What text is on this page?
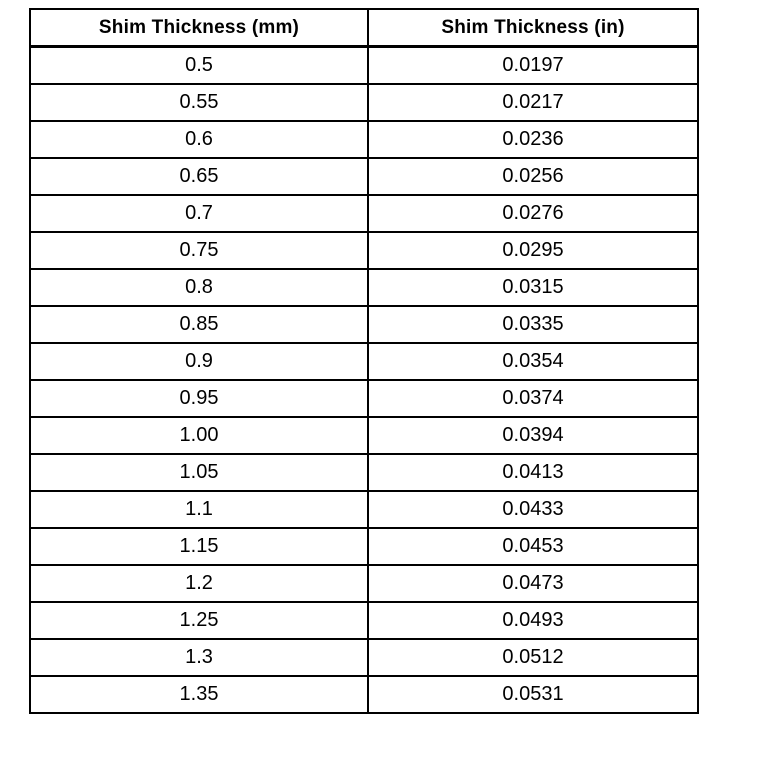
Shim Thickness (mm)	Shim Thickness (in)
0.5	0.0197
0.55	0.0217
0.6	0.0236
0.65	0.0256
0.7	0.0276
0.75	0.0295
0.8	0.0315
0.85	0.0335
0.9	0.0354
0.95	0.0374
1.00	0.0394
1.05	0.0413
1.1	0.0433
1.15	0.0453
1.2	0.0473
1.25	0.0493
1.3	0.0512
1.35	0.0531
